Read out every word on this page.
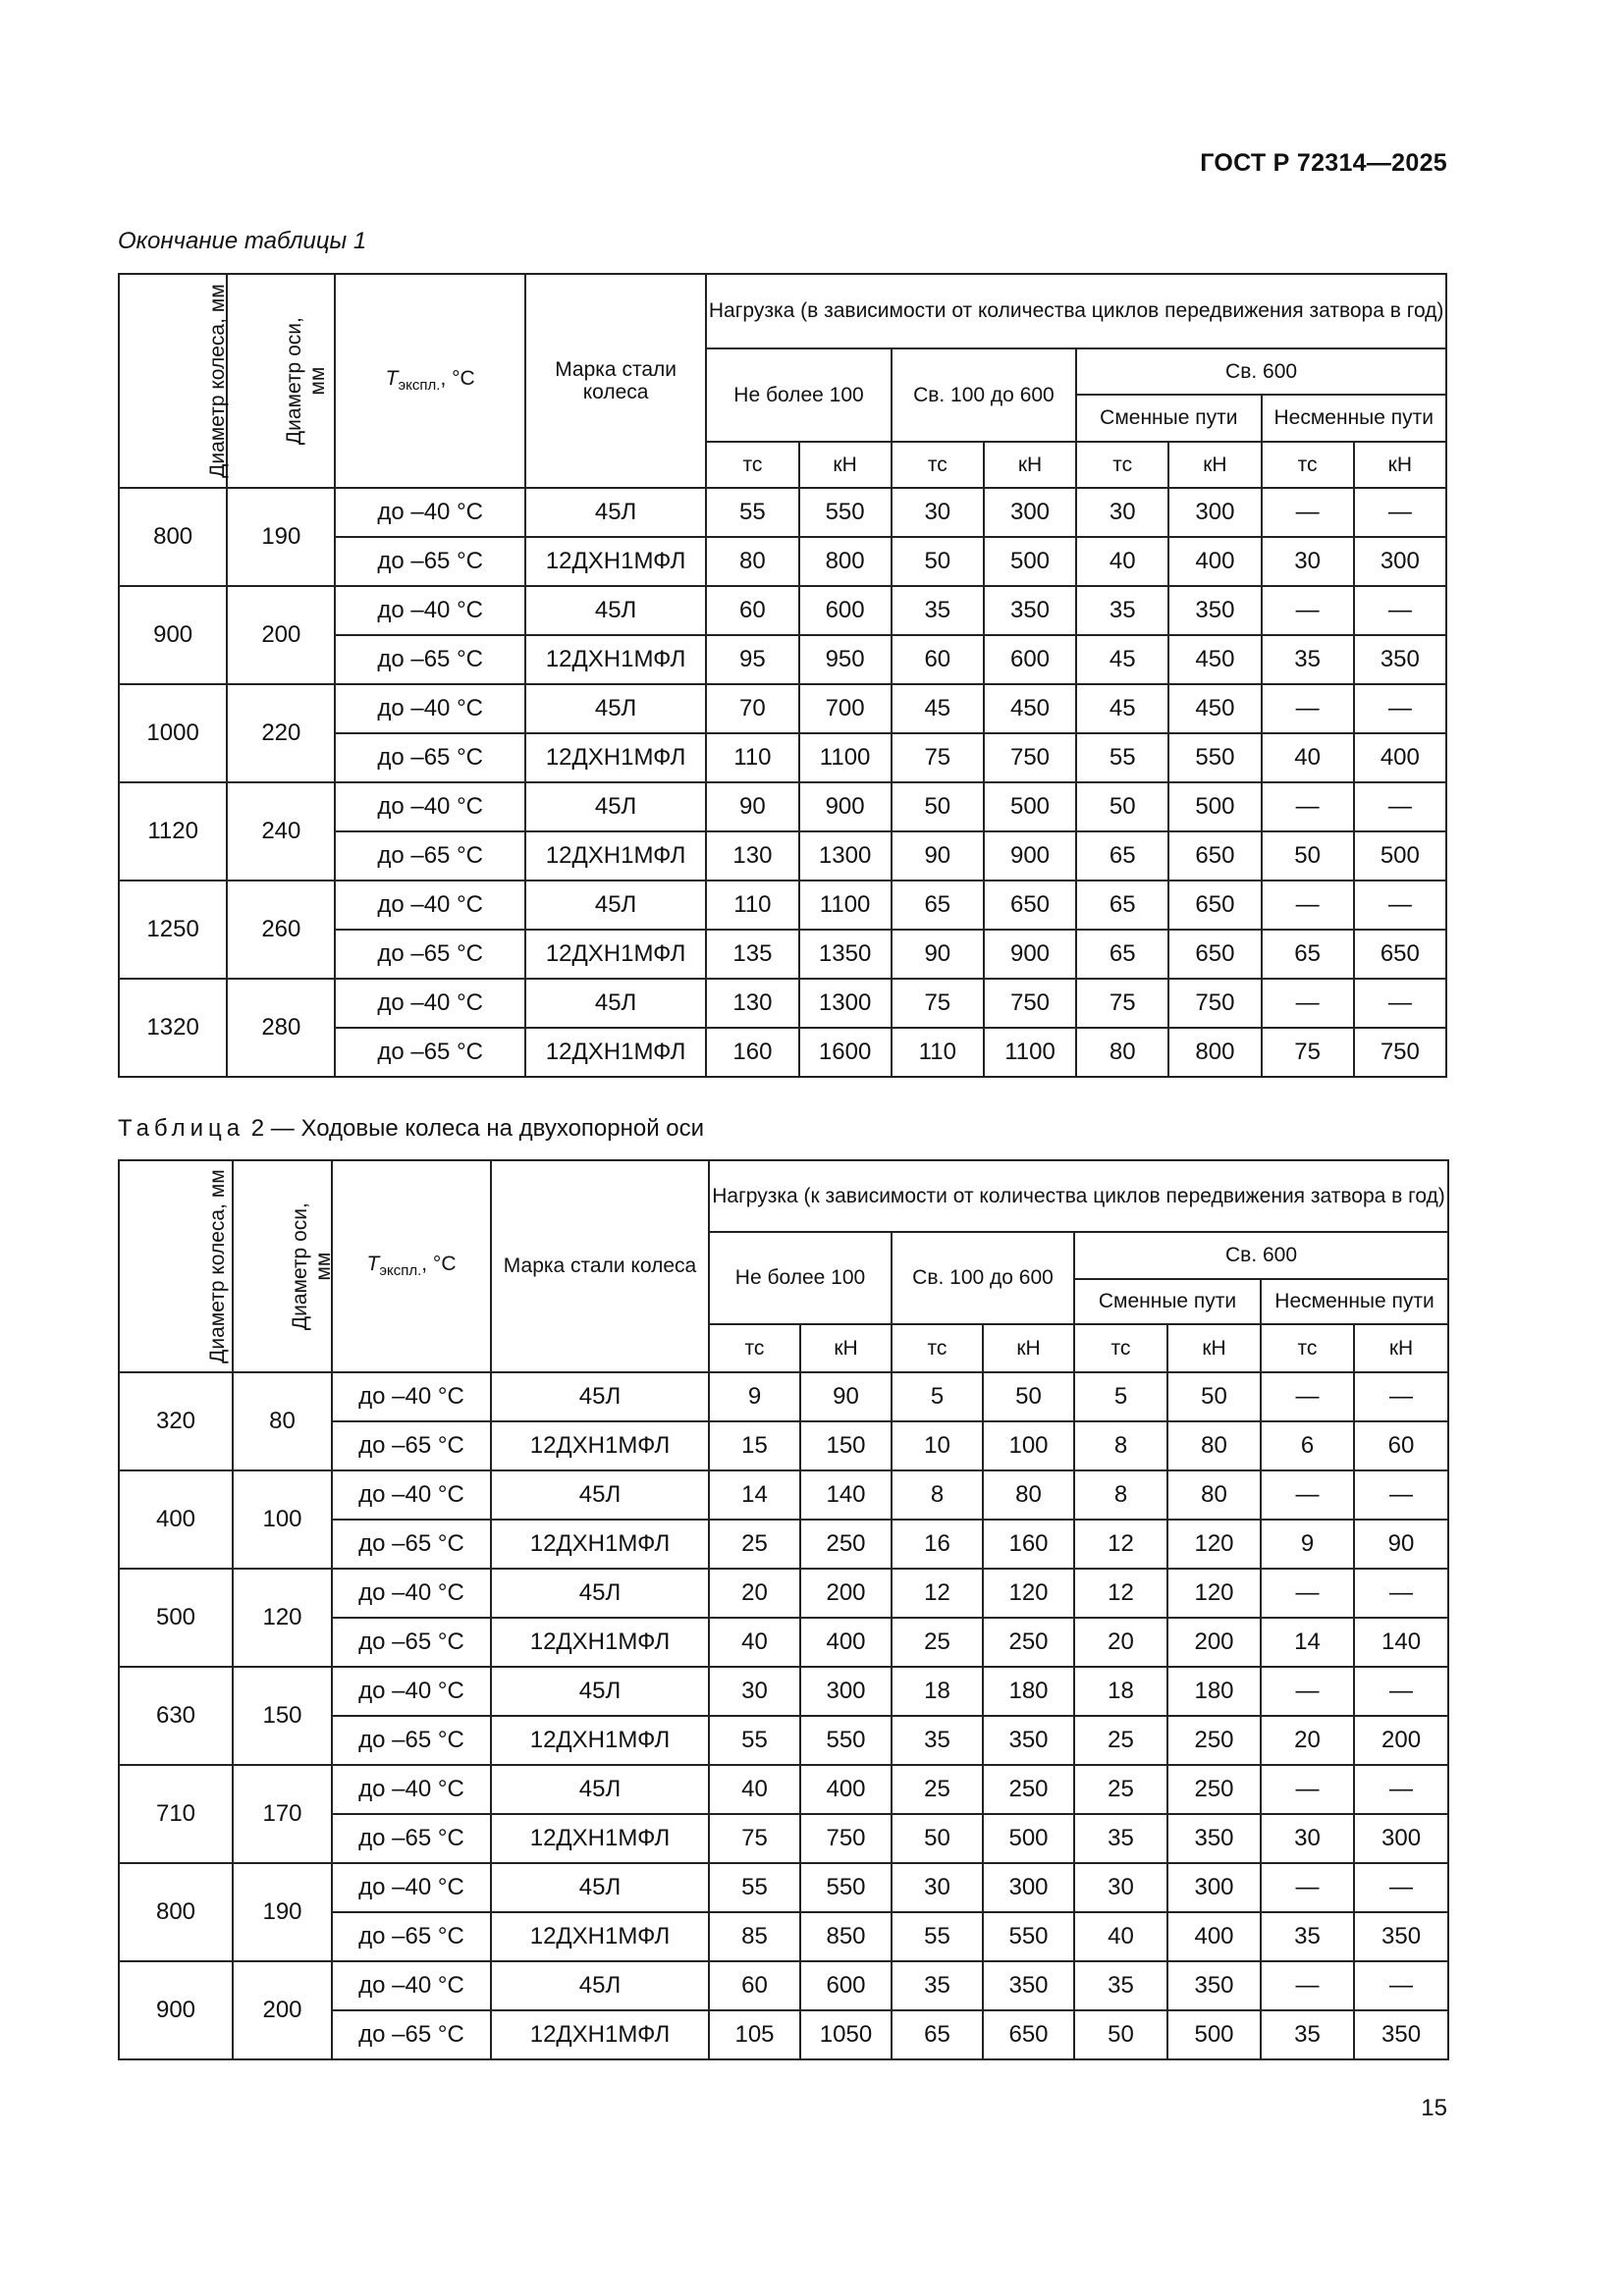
ГОСТ Р 72314—2025
Окончание таблицы 1
Диаметр колеса, мм	Диаметр оси, мм	$T_{экспл.}$, °C	Марка стали колеса	Нагрузка (в зависимости от количества циклов передвижения затвора в год)							
				Не более 100		Св. 100 до 600		Св. 600			
								Сменные пути		Несменные пути	
				тс	кН	тс	кН	тс	кН	тс	кН
800	190	до –40 °C	45Л	55	550	30	300	30	300	—	—
		до –65 °C	12ДХН1МФЛ	80	800	50	500	40	400	30	300
900	200	до –40 °C	45Л	60	600	35	350	35	350	—	—
		до –65 °C	12ДХН1МФЛ	95	950	60	600	45	450	35	350
1000	220	до –40 °C	45Л	70	700	45	450	45	450	—	—
		до –65 °C	12ДХН1МФЛ	110	1100	75	750	55	550	40	400
1120	240	до –40 °C	45Л	90	900	50	500	50	500	—	—
		до –65 °C	12ДХН1МФЛ	130	1300	90	900	65	650	50	500
1250	260	до –40 °C	45Л	110	1100	65	650	65	650	—	—
		до –65 °C	12ДХН1МФЛ	135	1350	90	900	65	650	65	650
1320	280	до –40 °C	45Л	130	1300	75	750	75	750	—	—
		до –65 °C	12ДХН1МФЛ	160	1600	110	1100	80	800	75	750
Таблица 2 — Ходовые колеса на двухопорной оси
Диаметр колеса, мм	Диаметр оси, мм	$T_{экспл.}$, °C	Марка стали колеса	Нагрузка (к зависимости от количества циклов передвижения затвора в год)							
				Не более 100		Св. 100 до 600		Св. 600			
								Сменные пути		Несменные пути	
				тс	кН	тс	кН	тс	кН	тс	кН
320	80	до –40 °C	45Л	9	90	5	50	5	50	—	—
		до –65 °C	12ДХН1МФЛ	15	150	10	100	8	80	6	60
400	100	до –40 °C	45Л	14	140	8	80	8	80	—	—
		до –65 °C	12ДХН1МФЛ	25	250	16	160	12	120	9	90
500	120	до –40 °C	45Л	20	200	12	120	12	120	—	—
		до –65 °C	12ДХН1МФЛ	40	400	25	250	20	200	14	140
630	150	до –40 °C	45Л	30	300	18	180	18	180	—	—
		до –65 °C	12ДХН1МФЛ	55	550	35	350	25	250	20	200
710	170	до –40 °C	45Л	40	400	25	250	25	250	—	—
		до –65 °C	12ДХН1МФЛ	75	750	50	500	35	350	30	300
800	190	до –40 °C	45Л	55	550	30	300	30	300	—	—
		до –65 °C	12ДХН1МФЛ	85	850	55	550	40	400	35	350
900	200	до –40 °C	45Л	60	600	35	350	35	350	—	—
		до –65 °C	12ДХН1МФЛ	105	1050	65	650	50	500	35	350
15
